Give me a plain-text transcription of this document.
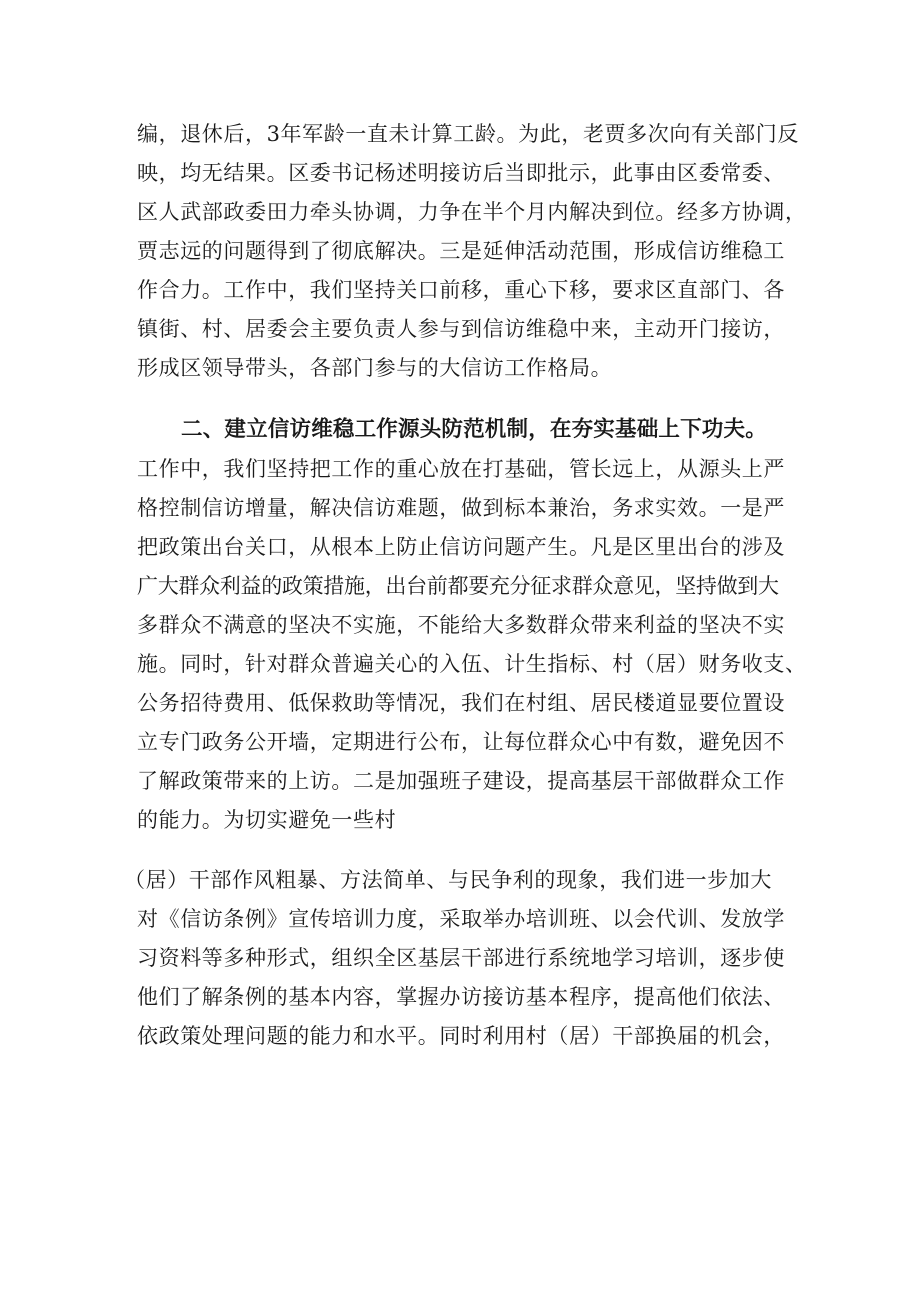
编，退休后，3年军龄一直未计算工龄。为此，老贾多次向有关部门反
映，均无结果。区委书记杨述明接访后当即批示，此事由区委常委、
区人武部政委田力牵头协调，力争在半个月内解决到位。经多方协调，
贾志远的问题得到了彻底解决。三是延伸活动范围，形成信访维稳工
作合力。工作中，我们坚持关口前移，重心下移，要求区直部门、各
镇街、村、居委会主要负责人参与到信访维稳中来，主动开门接访，
形成区领导带头，各部门参与的大信访工作格局。
二、建立信访维稳工作源头防范机制，在夯实基础上下功夫。
工作中，我们坚持把工作的重心放在打基础，管长远上，从源头上严
格控制信访增量，解决信访难题，做到标本兼治，务求实效。一是严
把政策出台关口，从根本上防止信访问题产生。凡是区里出台的涉及
广大群众利益的政策措施，出台前都要充分征求群众意见，坚持做到大
多群众不满意的坚决不实施，不能给大多数群众带来利益的坚决不实
施。同时，针对群众普遍关心的入伍、计生指标、村（居）财务收支、
公务招待费用、低保救助等情况，我们在村组、居民楼道显要位置设
立专门政务公开墙，定期进行公布，让每位群众心中有数，避免因不
了解政策带来的上访。二是加强班子建设，提高基层干部做群众工作
的能力。为切实避免一些村
（居）干部作风粗暴、方法简单、与民争利的现象，我们进一步加大
对《信访条例》宣传培训力度，采取举办培训班、以会代训、发放学
习资料等多种形式，组织全区基层干部进行系统地学习培训，逐步使
他们了解条例的基本内容，掌握办访接访基本程序，提高他们依法、
依政策处理问题的能力和水平。同时利用村（居）干部换届的机会，
